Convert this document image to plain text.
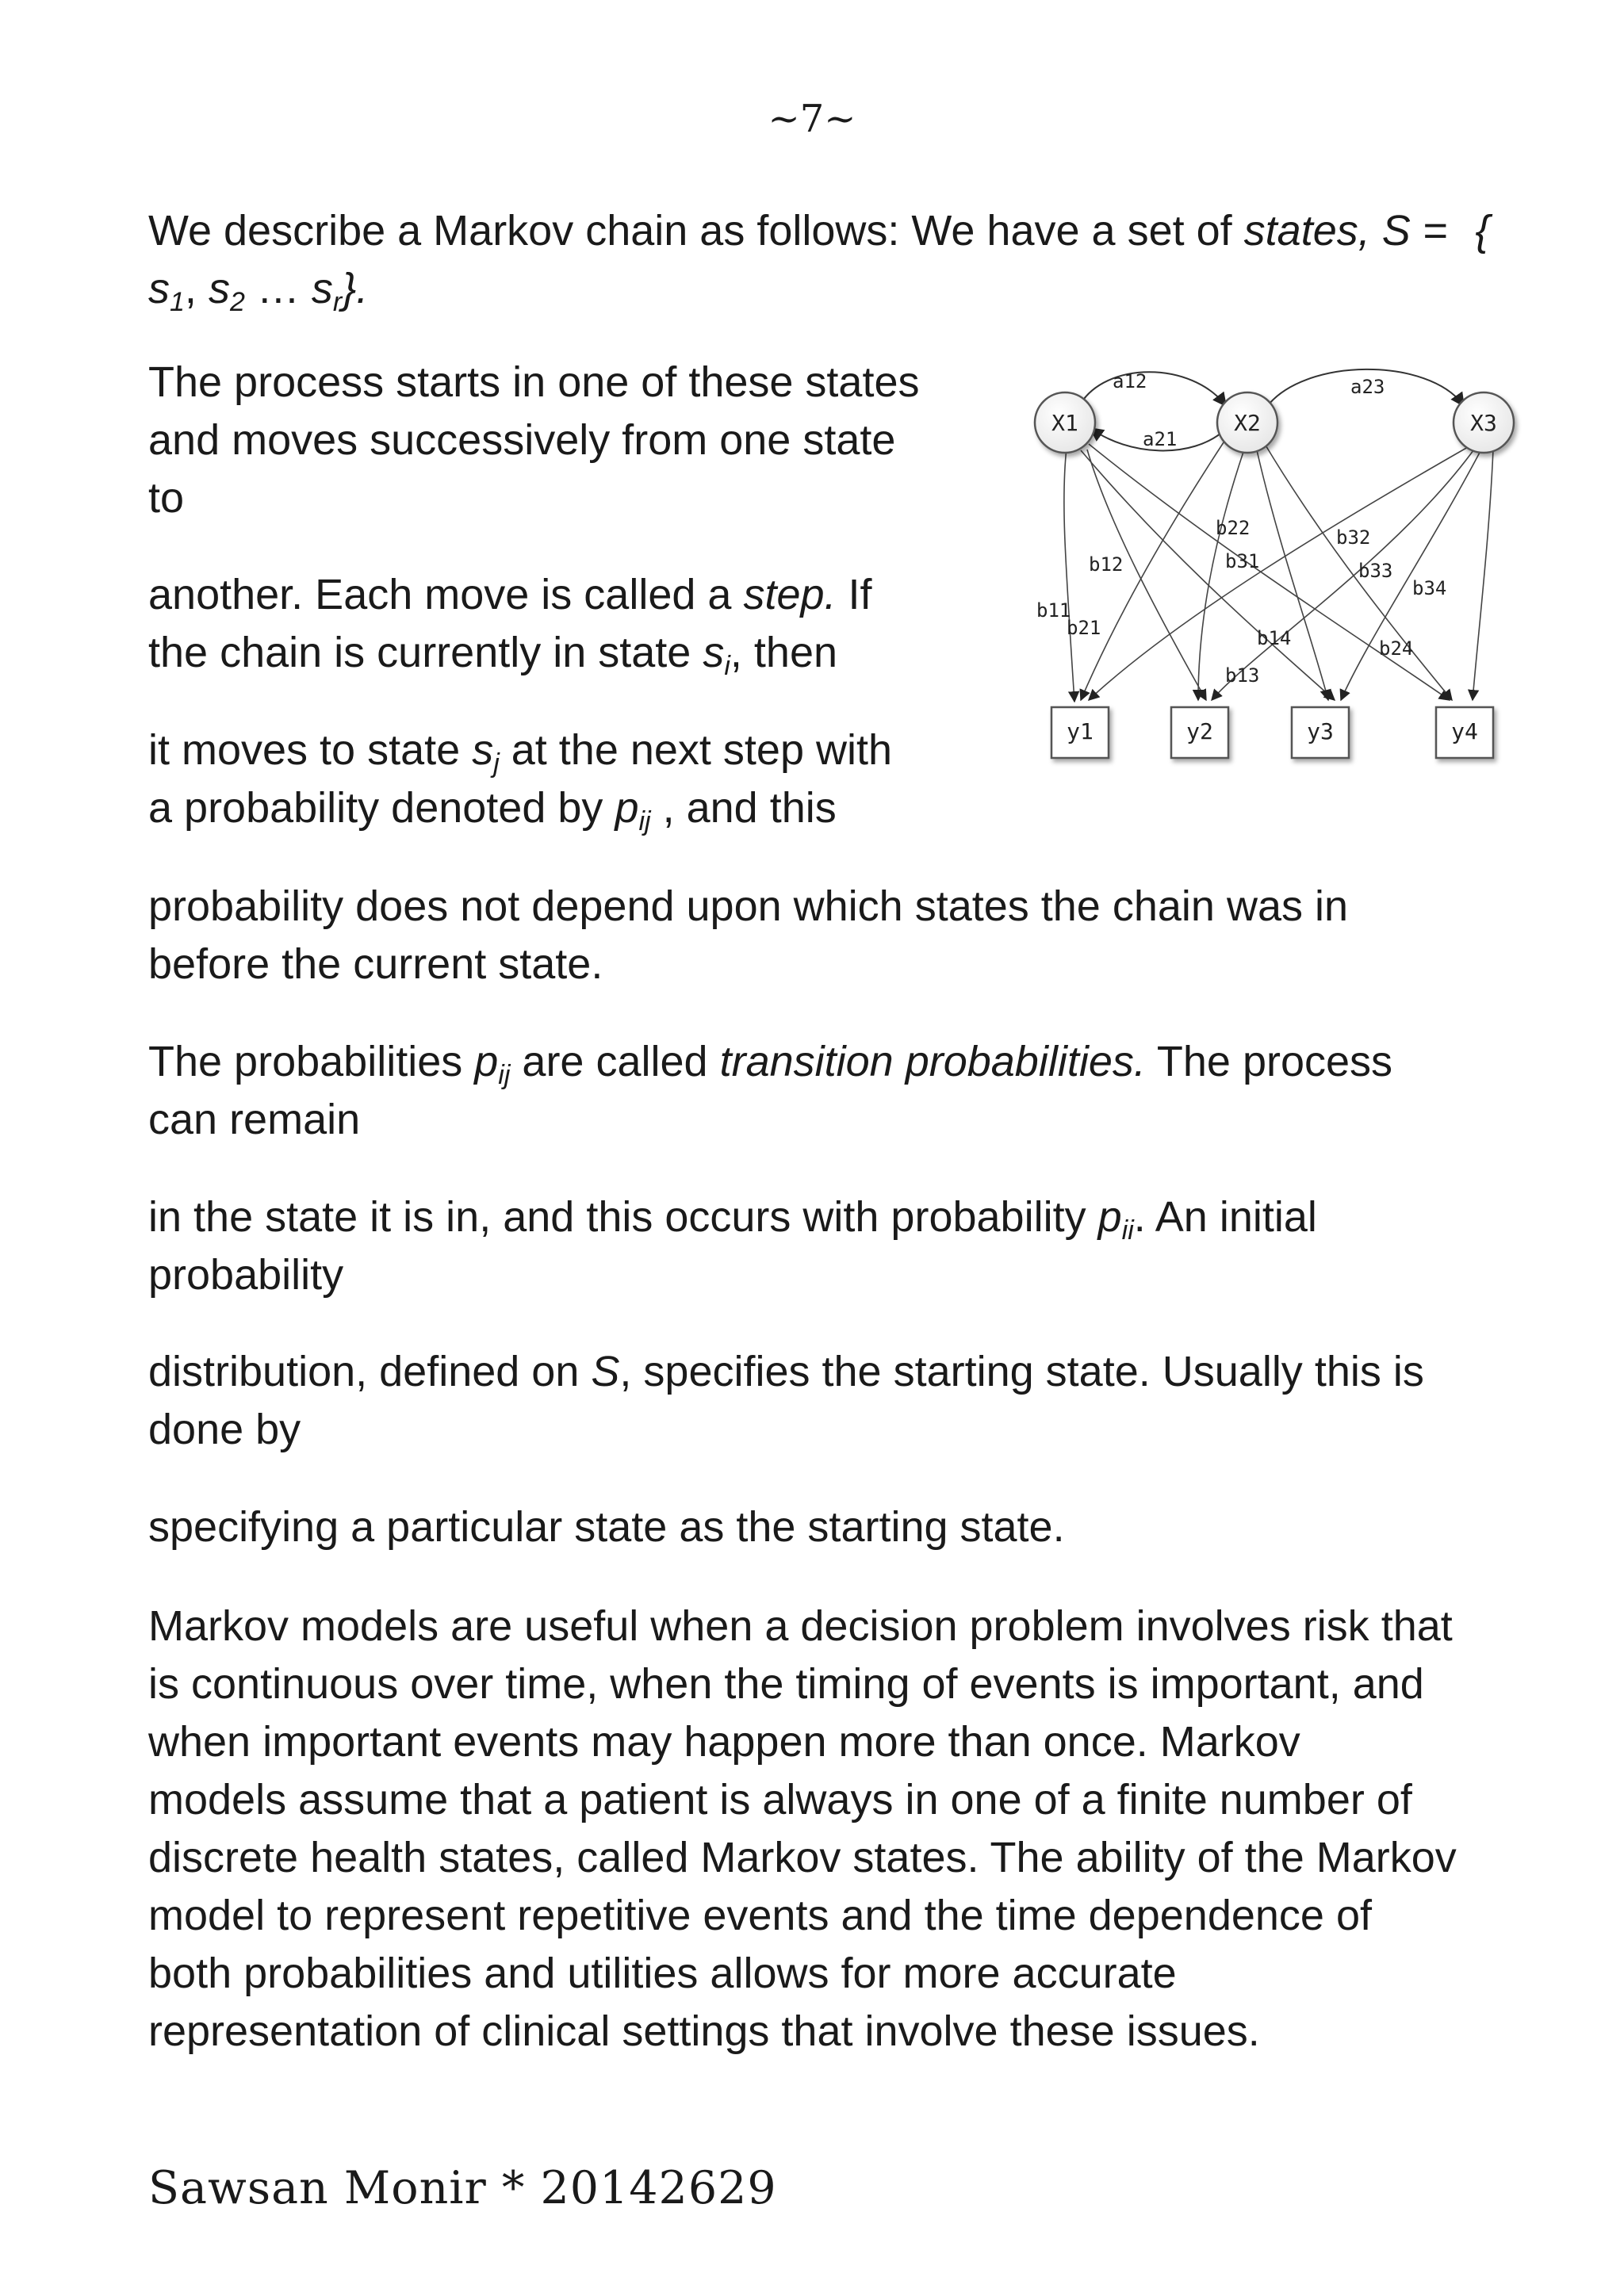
~7~

We describe a Markov chain as follows: We have a set of states, S = {
$s_1$, $s_2$ … $s_r$}.

The process starts in one of these states
and moves successively from one state
to

another. Each move is called a step. If
the chain is currently in state $s_i$, then

it moves to state $s_j$ at the next step with
a probability denoted by $p_{ij}$ , and this

probability does not depend upon which states the chain was in
before the current state.

The probabilities $p_{ij}$ are called transition probabilities. The process
can remain

in the state it is in, and this occurs with probability $p_{ii}$. An initial
probability

distribution, defined on S, specifies the starting state. Usually this is
done by

specifying a particular state as the starting state.

Markov models are useful when a decision problem involves risk that
is continuous over time, when the timing of events is important, and
when important events may happen more than once. Markov
models assume that a patient is always in one of a finite number of
discrete health states, called Markov states. The ability of the Markov
model to represent repetitive events and the time dependence of
both probabilities and utilities allows for more accurate
representation of clinical settings that involve these issues.

X1	X2	X3
y1	y2	y3	y4
a12
a21
a23
b11
b12
b13
b14
b21
b22
b24
b31
b32
b33
b34
Sawsan Monir * 20142629
